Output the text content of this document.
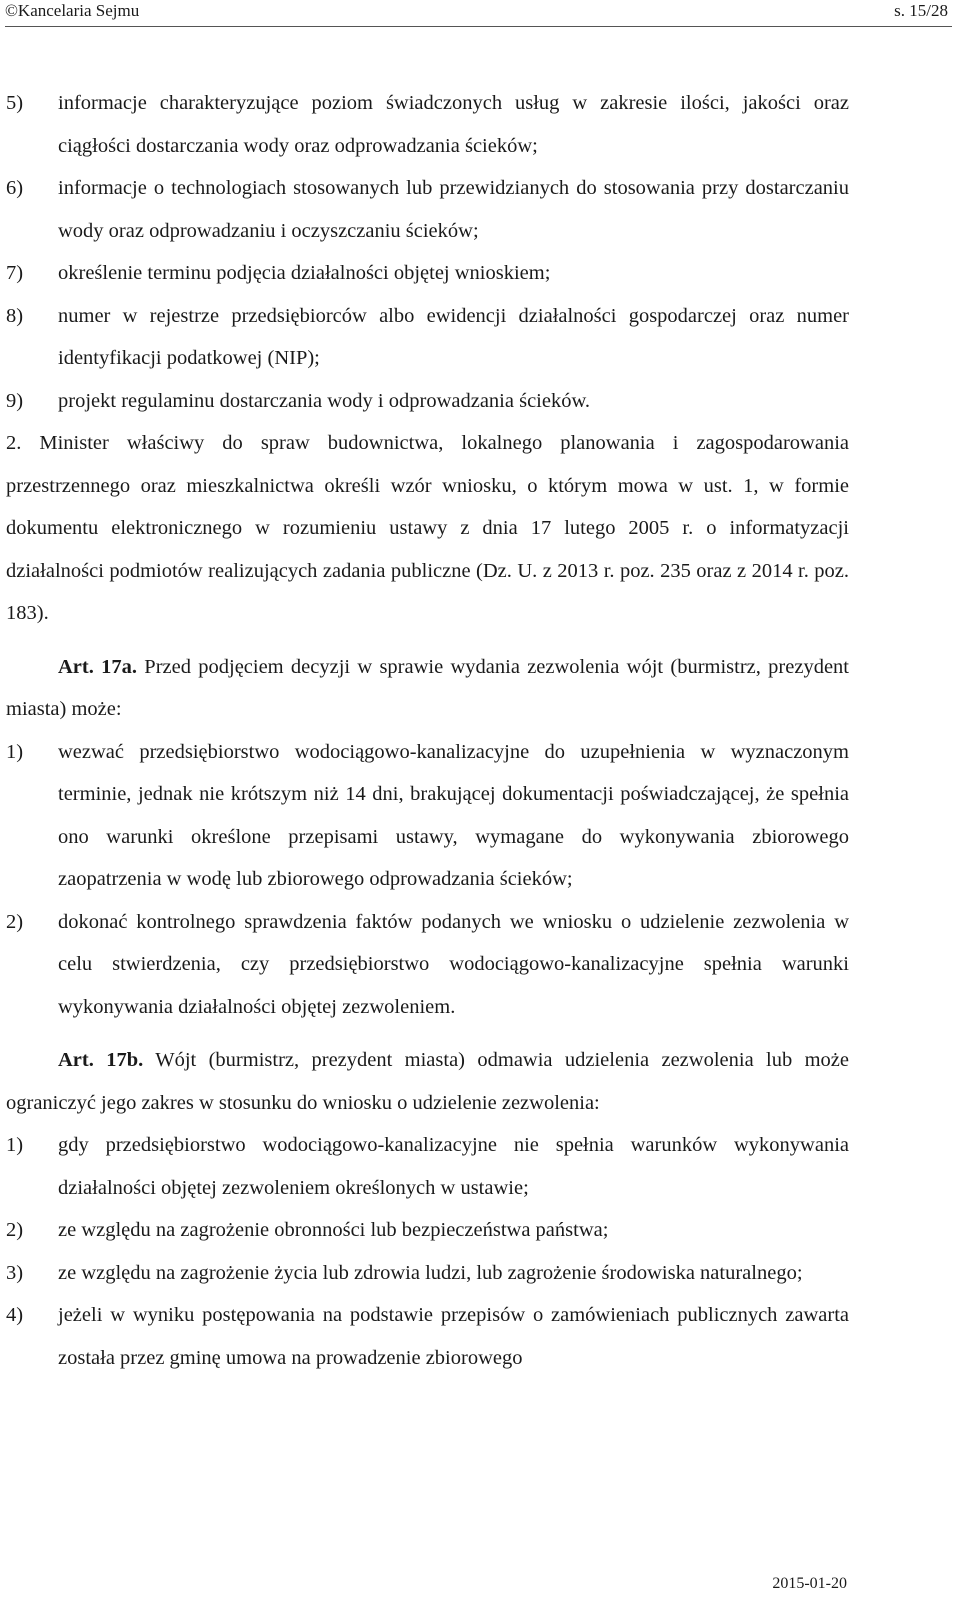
©Kancelaria Sejmu	s. 15/28
5)	informacje charakteryzujące poziom świadczonych usług w zakresie ilości, jakości oraz ciągłości dostarczania wody oraz odprowadzania ścieków;
6)	informacje o technologiach stosowanych lub przewidzianych do stosowania przy dostarczaniu wody oraz odprowadzaniu i oczyszczaniu ścieków;
7)	określenie terminu podjęcia działalności objętej wnioskiem;
8)	numer w rejestrze przedsiębiorców albo ewidencji działalności gospodarczej oraz numer identyfikacji podatkowej (NIP);
9)	projekt regulaminu dostarczania wody i odprowadzania ścieków.
2. Minister właściwy do spraw budownictwa, lokalnego planowania i zagospodarowania przestrzennego oraz mieszkalnictwa określi wzór wniosku, o którym mowa w ust. 1, w formie dokumentu elektronicznego w rozumieniu ustawy z dnia 17 lutego 2005 r. o informatyzacji działalności podmiotów realizujących zadania publiczne (Dz. U. z 2013 r. poz. 235 oraz z 2014 r. poz. 183).
Art. 17a. Przed podjęciem decyzji w sprawie wydania zezwolenia wójt (burmistrz, prezydent miasta) może:
1)	wezwać przedsiębiorstwo wodociągowo-kanalizacyjne do uzupełnienia w wyznaczonym terminie, jednak nie krótszym niż 14 dni, brakującej dokumentacji poświadczającej, że spełnia ono warunki określone przepisami ustawy, wymagane do wykonywania zbiorowego zaopatrzenia w wodę lub zbiorowego odprowadzania ścieków;
2)	dokonać kontrolnego sprawdzenia faktów podanych we wniosku o udzielenie zezwolenia w celu stwierdzenia, czy przedsiębiorstwo wodociągowo-kanalizacyjne spełnia warunki wykonywania działalności objętej zezwoleniem.
Art. 17b. Wójt (burmistrz, prezydent miasta) odmawia udzielenia zezwolenia lub może ograniczyć jego zakres w stosunku do wniosku o udzielenie zezwolenia:
1)	gdy przedsiębiorstwo wodociągowo-kanalizacyjne nie spełnia warunków wykonywania działalności objętej zezwoleniem określonych w ustawie;
2)	ze względu na zagrożenie obronności lub bezpieczeństwa państwa;
3)	ze względu na zagrożenie życia lub zdrowia ludzi, lub zagrożenie środowiska naturalnego;
4)	jeżeli w wyniku postępowania na podstawie przepisów o zamówieniach publicznych zawarta została przez gminę umowa na prowadzenie zbiorowego
2015-01-20
